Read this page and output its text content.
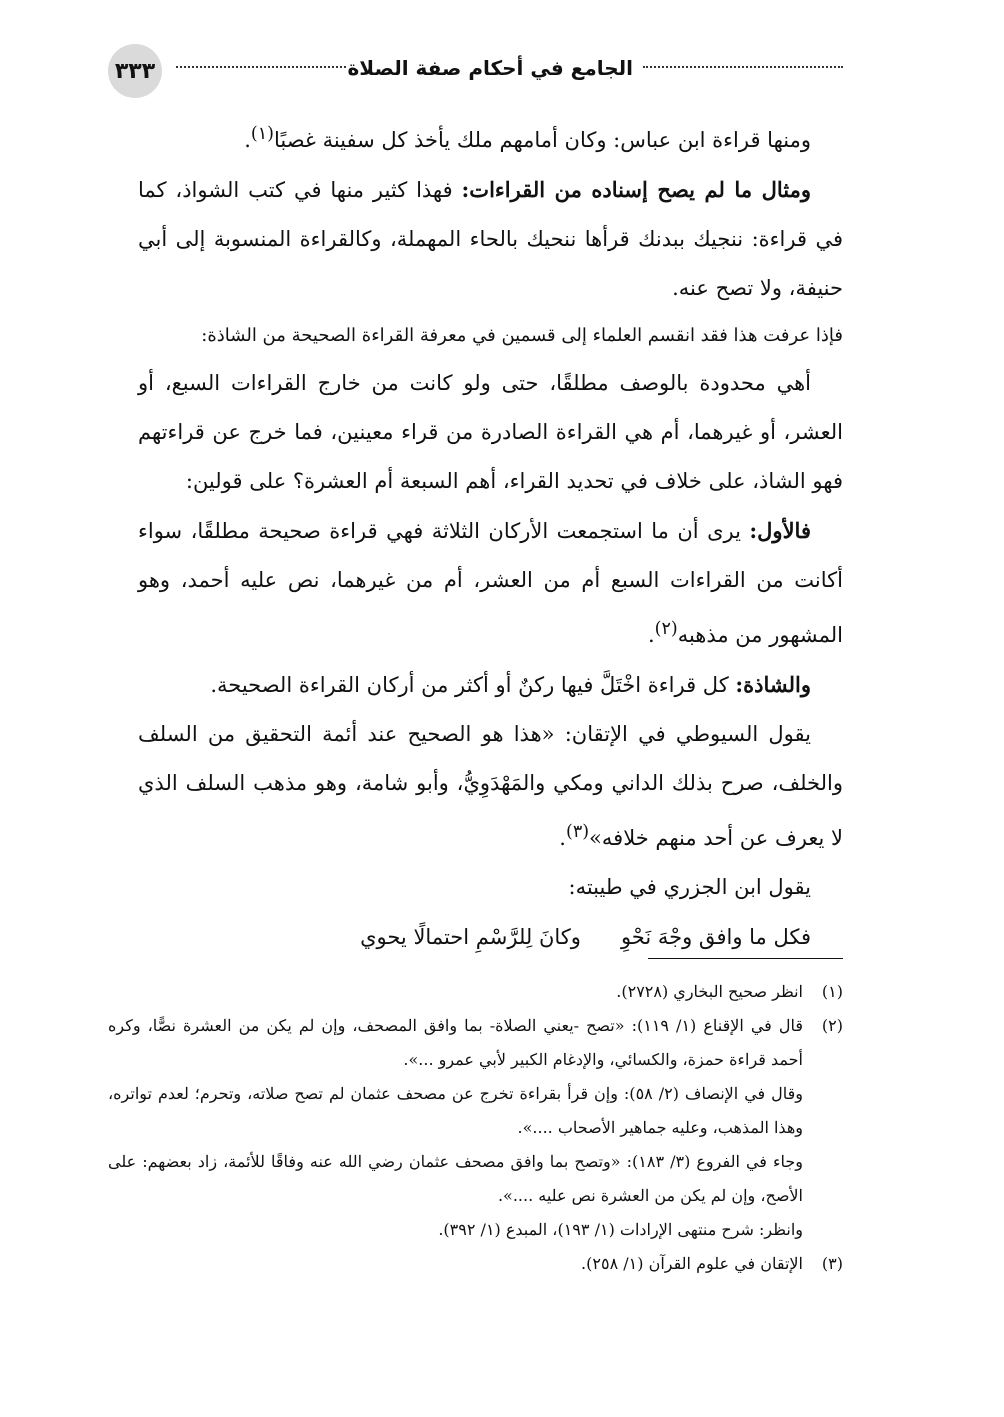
٣٣٣	الجامع في أحكام صفة الصلاة

ومنها قراءة ابن عباس: وكان أمامهم ملك يأخذ كل سفينة غصبًا$^{(١)}$.

ومثال ما لم يصح إسناده من القراءات: فهذا كثير منها في كتب الشواذ، كما في قراءة: ننجيك ببدنك قرأها ننحيك بالحاء المهملة، وكالقراءة المنسوبة إلى أبي حنيفة، ولا تصح عنه.

فإذا عرفت هذا فقد انقسم العلماء إلى قسمين في معرفة القراءة الصحيحة من الشاذة:

أهي محدودة بالوصف مطلقًا، حتى ولو كانت من خارج القراءات السبع، أو العشر، أو غيرهما، أم هي القراءة الصادرة من قراء معينين، فما خرج عن قراءتهم فهو الشاذ، على خلاف في تحديد القراء، أهم السبعة أم العشرة؟ على قولين:

فالأول: يرى أن ما استجمعت الأركان الثلاثة فهي قراءة صحيحة مطلقًا، سواء أكانت من القراءات السبع أم من العشر، أم من غيرهما، نص عليه أحمد، وهو المشهور من مذهبه$^{(٢)}$.

والشاذة: كل قراءة اخْتَلَّ فيها ركنٌ أو أكثر من أركان القراءة الصحيحة.

يقول السيوطي في الإتقان: «هذا هو الصحيح عند أئمة التحقيق من السلف والخلف، صرح بذلك الداني ومكي والمَهْدَوِيُّ، وأبو شامة، وهو مذهب السلف الذي لا يعرف عن أحد منهم خلافه»$^{(٣)}$.

يقول ابن الجزري في طيبته:

فكل ما وافق وجْهَ نَحْوِوكانَ لِلرَّسْمِ احتمالًا يحوي

(١)
انظر صحيح البخاري (٢٧٢٨).
(٢)
قال في الإقناع (١/ ١١٩): «تصح -يعني الصلاة- بما وافق المصحف، وإن لم يكن من العشرة نصًّا، وكره أحمد قراءة حمزة، والكسائي، والإدغام الكبير لأبي عمرو ...».
وقال في الإنصاف (٢/ ٥٨): وإن قرأ بقراءة تخرج عن مصحف عثمان لم تصح صلاته، وتحرم؛ لعدم تواتره، وهذا المذهب، وعليه جماهير الأصحاب ....».
وجاء في الفروع (٣/ ١٨٣): «وتصح بما وافق مصحف عثمان رضي الله عنه وفاقًا للأئمة، زاد بعضهم: على الأصح، وإن لم يكن من العشرة نص عليه ....».
وانظر: شرح منتهى الإرادات (١/ ١٩٣)، المبدع (١/ ٣٩٢).
(٣)
الإتقان في علوم القرآن (١/ ٢٥٨).
